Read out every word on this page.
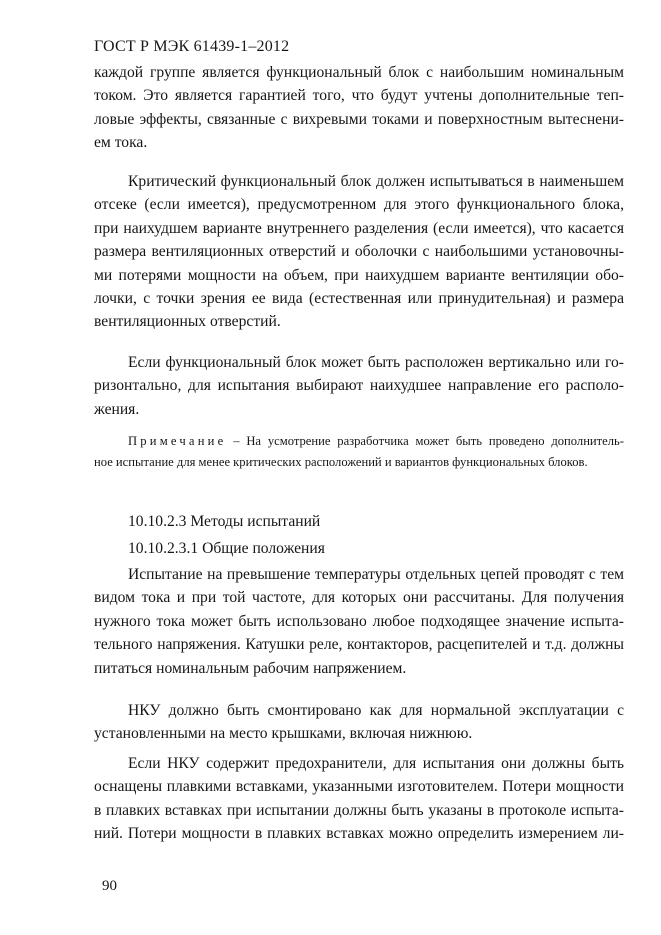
ГОСТ Р МЭК 61439-1–2012
каждой группе является функциональный блок с наибольшим номинальным
током. Это является гарантией того, что будут учтены дополнительные теп-
ловые эффекты, связанные с вихревыми токами и поверхностным вытеснени-
ем тока.
Критический функциональный блок должен испытываться в наименьшем
отсеке (если имеется), предусмотренном для этого функционального блока,
при наихудшем варианте внутреннего разделения (если имеется), что касается
размера вентиляционных отверстий и оболочки с наибольшими установочны-
ми потерями мощности на объем, при наихудшем варианте вентиляции обо-
лочки, с точки зрения ее вида (естественная или принудительная) и размера
вентиляционных отверстий.
Если функциональный блок может быть расположен вертикально или го-
ризонтально, для испытания выбирают наихудшее направление его располо-
жения.
Примечание – На усмотрение разработчика может быть проведено дополнитель-
ное испытание для менее критических расположений и вариантов функциональных блоков.
10.10.2.3 Методы испытаний
10.10.2.3.1 Общие положения
Испытание на превышение температуры отдельных цепей проводят с тем
видом тока и при той частоте, для которых они рассчитаны. Для получения
нужного тока может быть использовано любое подходящее значение испыта-
тельного напряжения. Катушки реле, контакторов, расцепителей и т.д. должны
питаться номинальным рабочим напряжением.
НКУ должно быть смонтировано как для нормальной эксплуатации с
установленными на место крышками, включая нижнюю.
Если НКУ содержит предохранители, для испытания они должны быть
оснащены плавкими вставками, указанными изготовителем. Потери мощности
в плавких вставках при испытании должны быть указаны в протоколе испыта-
ний. Потери мощности в плавких вставках можно определить измерением ли-
90
